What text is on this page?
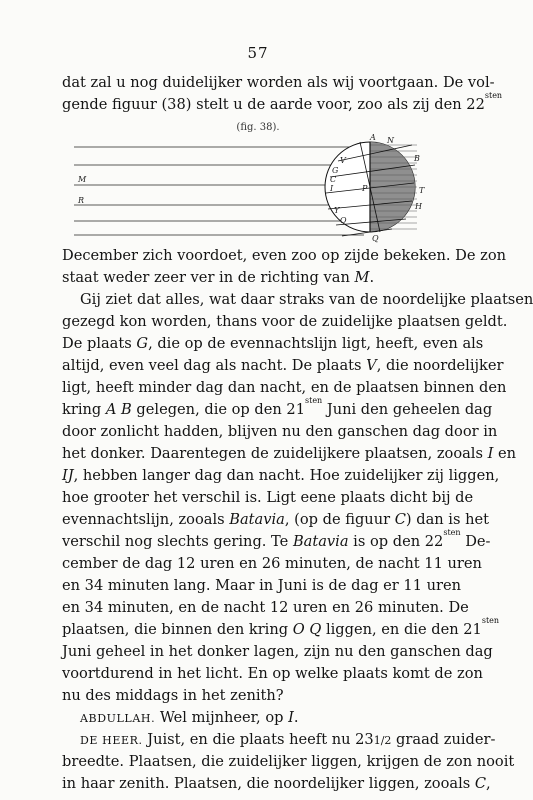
57
dat zal u nog duidelijker worden als wij voortgaan. De vol-
gende figuur (38) stelt u de aarde voor, zoo als zij den $22^{sten}$
(fig. 38).
M
R
N
A
V
G
C
I	P
B
T
H
Y
O
Q
December zich voordoet, even zoo op zijde bekeken. De zon
staat weder zeer ver in de richting van M.
Gij ziet dat alles, wat daar straks van de noordelijke plaatsen
gezegd kon worden, thans voor de zuidelijke plaatsen geldt.
De plaats G, die op de evennachtslijn ligt, heeft, even als
altijd, even veel dag als nacht. De plaats V, die noordelijker
ligt, heeft minder dag dan nacht, en de plaatsen binnen den
kring A B gelegen, die op den $21^{sten}$ Juni den geheelen dag
door zonlicht hadden, blijven nu den ganschen dag door in
het donker. Daarentegen de zuidelijkere plaatsen, zooals I en
IJ, hebben langer dag dan nacht. Hoe zuidelijker zij liggen,
hoe grooter het verschil is. Ligt eene plaats dicht bij de
evennachtslijn, zooals Batavia, (op de figuur C) dan is het
verschil nog slechts gering. Te Batavia is op den $22^{sten}$ De-
cember de dag 12 uren en 26 minuten, de nacht 11 uren
en 34 minuten lang. Maar in Juni is de dag er 11 uren
en 34 minuten, en de nacht 12 uren en 26 minuten. De
plaatsen, die binnen den kring O Q liggen, en die den $21^{sten}$
Juni geheel in het donker lagen, zijn nu den ganschen dag
voortdurend in het licht. En op welke plaats komt de zon
nu des middags in het zenith?
ABDULLAH. Wel mijnheer, op I.
DE HEER. Juist, en die plaats heeft nu 231/2 graad zuider-
breedte. Plaatsen, die zuidelijker liggen, krijgen de zon nooit
in haar zenith. Plaatsen, die noordelijker liggen, zooals C,
